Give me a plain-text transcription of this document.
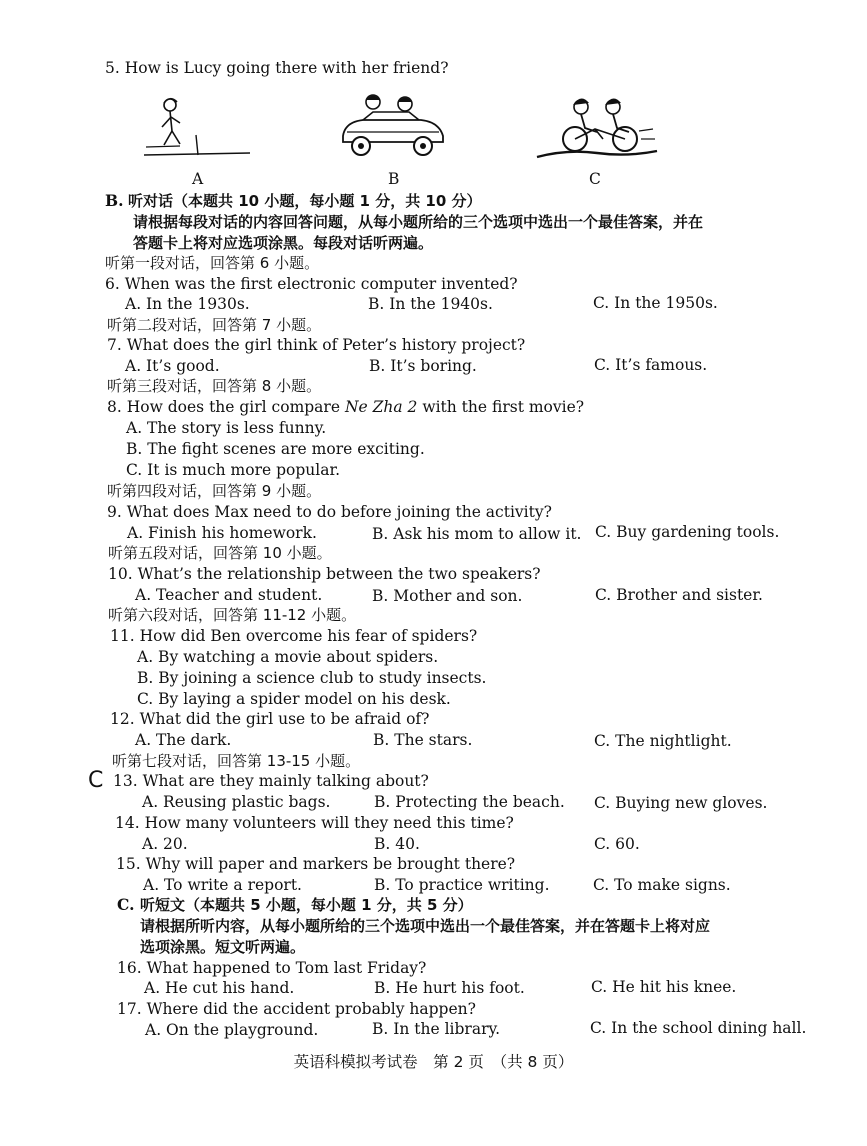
5. How is Lucy going there with her friend?
A	B	C
B. 听对话（本题共 10 小题，每小题 1 分，共 10 分）
请根据每段对话的内容回答问题，从每小题所给的三个选项中选出一个最佳答案，并在
答题卡上将对应选项涂黑。每段对话听两遍。
听第一段对话，回答第 6 小题。
6. When was the first electronic computer invented?
A. In the 1930s.	B. In the 1940s.	C. In the 1950s.
听第二段对话，回答第 7 小题。
7. What does the girl think of Peter’s history project?
A. It’s good.	B. It’s boring.	C. It’s famous.
听第三段对话，回答第 8 小题。
8. How does the girl compare Ne Zha 2 with the first movie?
A. The story is less funny.
B. The fight scenes are more exciting.
C. It is much more popular.
听第四段对话，回答第 9 小题。
9. What does Max need to do before joining the activity?
A. Finish his homework.	B. Ask his mom to allow it. C. Buy gardening tools.
听第五段对话，回答第 10 小题。
10. What’s the relationship between the two speakers?
A. Teacher and student.	B. Mother and son.	C. Brother and sister.
听第六段对话，回答第 11-12 小题。
11. How did Ben overcome his fear of spiders?
A. By watching a movie about spiders.
B. By joining a science club to study insects.
C. By laying a spider model on his desk.
12. What did the girl use to be afraid of?
A. The dark.	B. The stars.	C. The nightlight.
听第七段对话，回答第 13-15 小题。
C 13. What are they mainly talking about?
A. Reusing plastic bags.	B. Protecting the beach. C. Buying new gloves.
14. How many volunteers will they need this time?
A. 20.	B. 40.	C. 60.
15. Why will paper and markers be brought there?
A. To write a report.	B. To practice writing.	C. To make signs.
C. 听短文（本题共 5 小题，每小题 1 分，共 5 分）
请根据所听内容，从每小题所给的三个选项中选出一个最佳答案，并在答题卡上将对应
选项涂黑。短文听两遍。
16. What happened to Tom last Friday?
A. He cut his hand.	B. He hurt his foot.	C. He hit his knee.
17. Where did the accident probably happen?
A. On the playground.	B. In the library.	C. In the school dining hall.
英语科模拟考试卷　第 2 页　（共 8 页）
